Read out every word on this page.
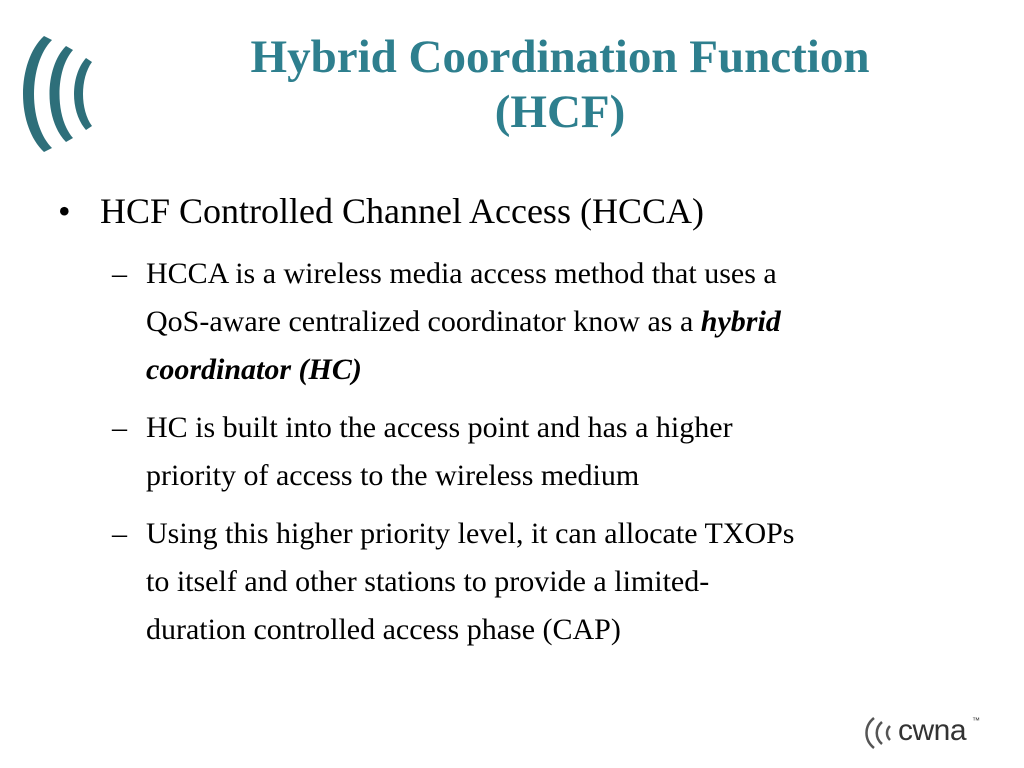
Hybrid Coordination Function
(HCF)
• HCF Controlled Channel Access (HCCA)
– HCCA is a wireless media access method that uses a
QoS-aware centralized coordinator know as a hybrid
coordinator (HC)
– HC is built into the access point and has a higher
priority of access to the wireless medium
– Using this higher priority level, it can allocate TXOPs
to itself and other stations to provide a limited-
duration controlled access phase (CAP)
cwna ™
